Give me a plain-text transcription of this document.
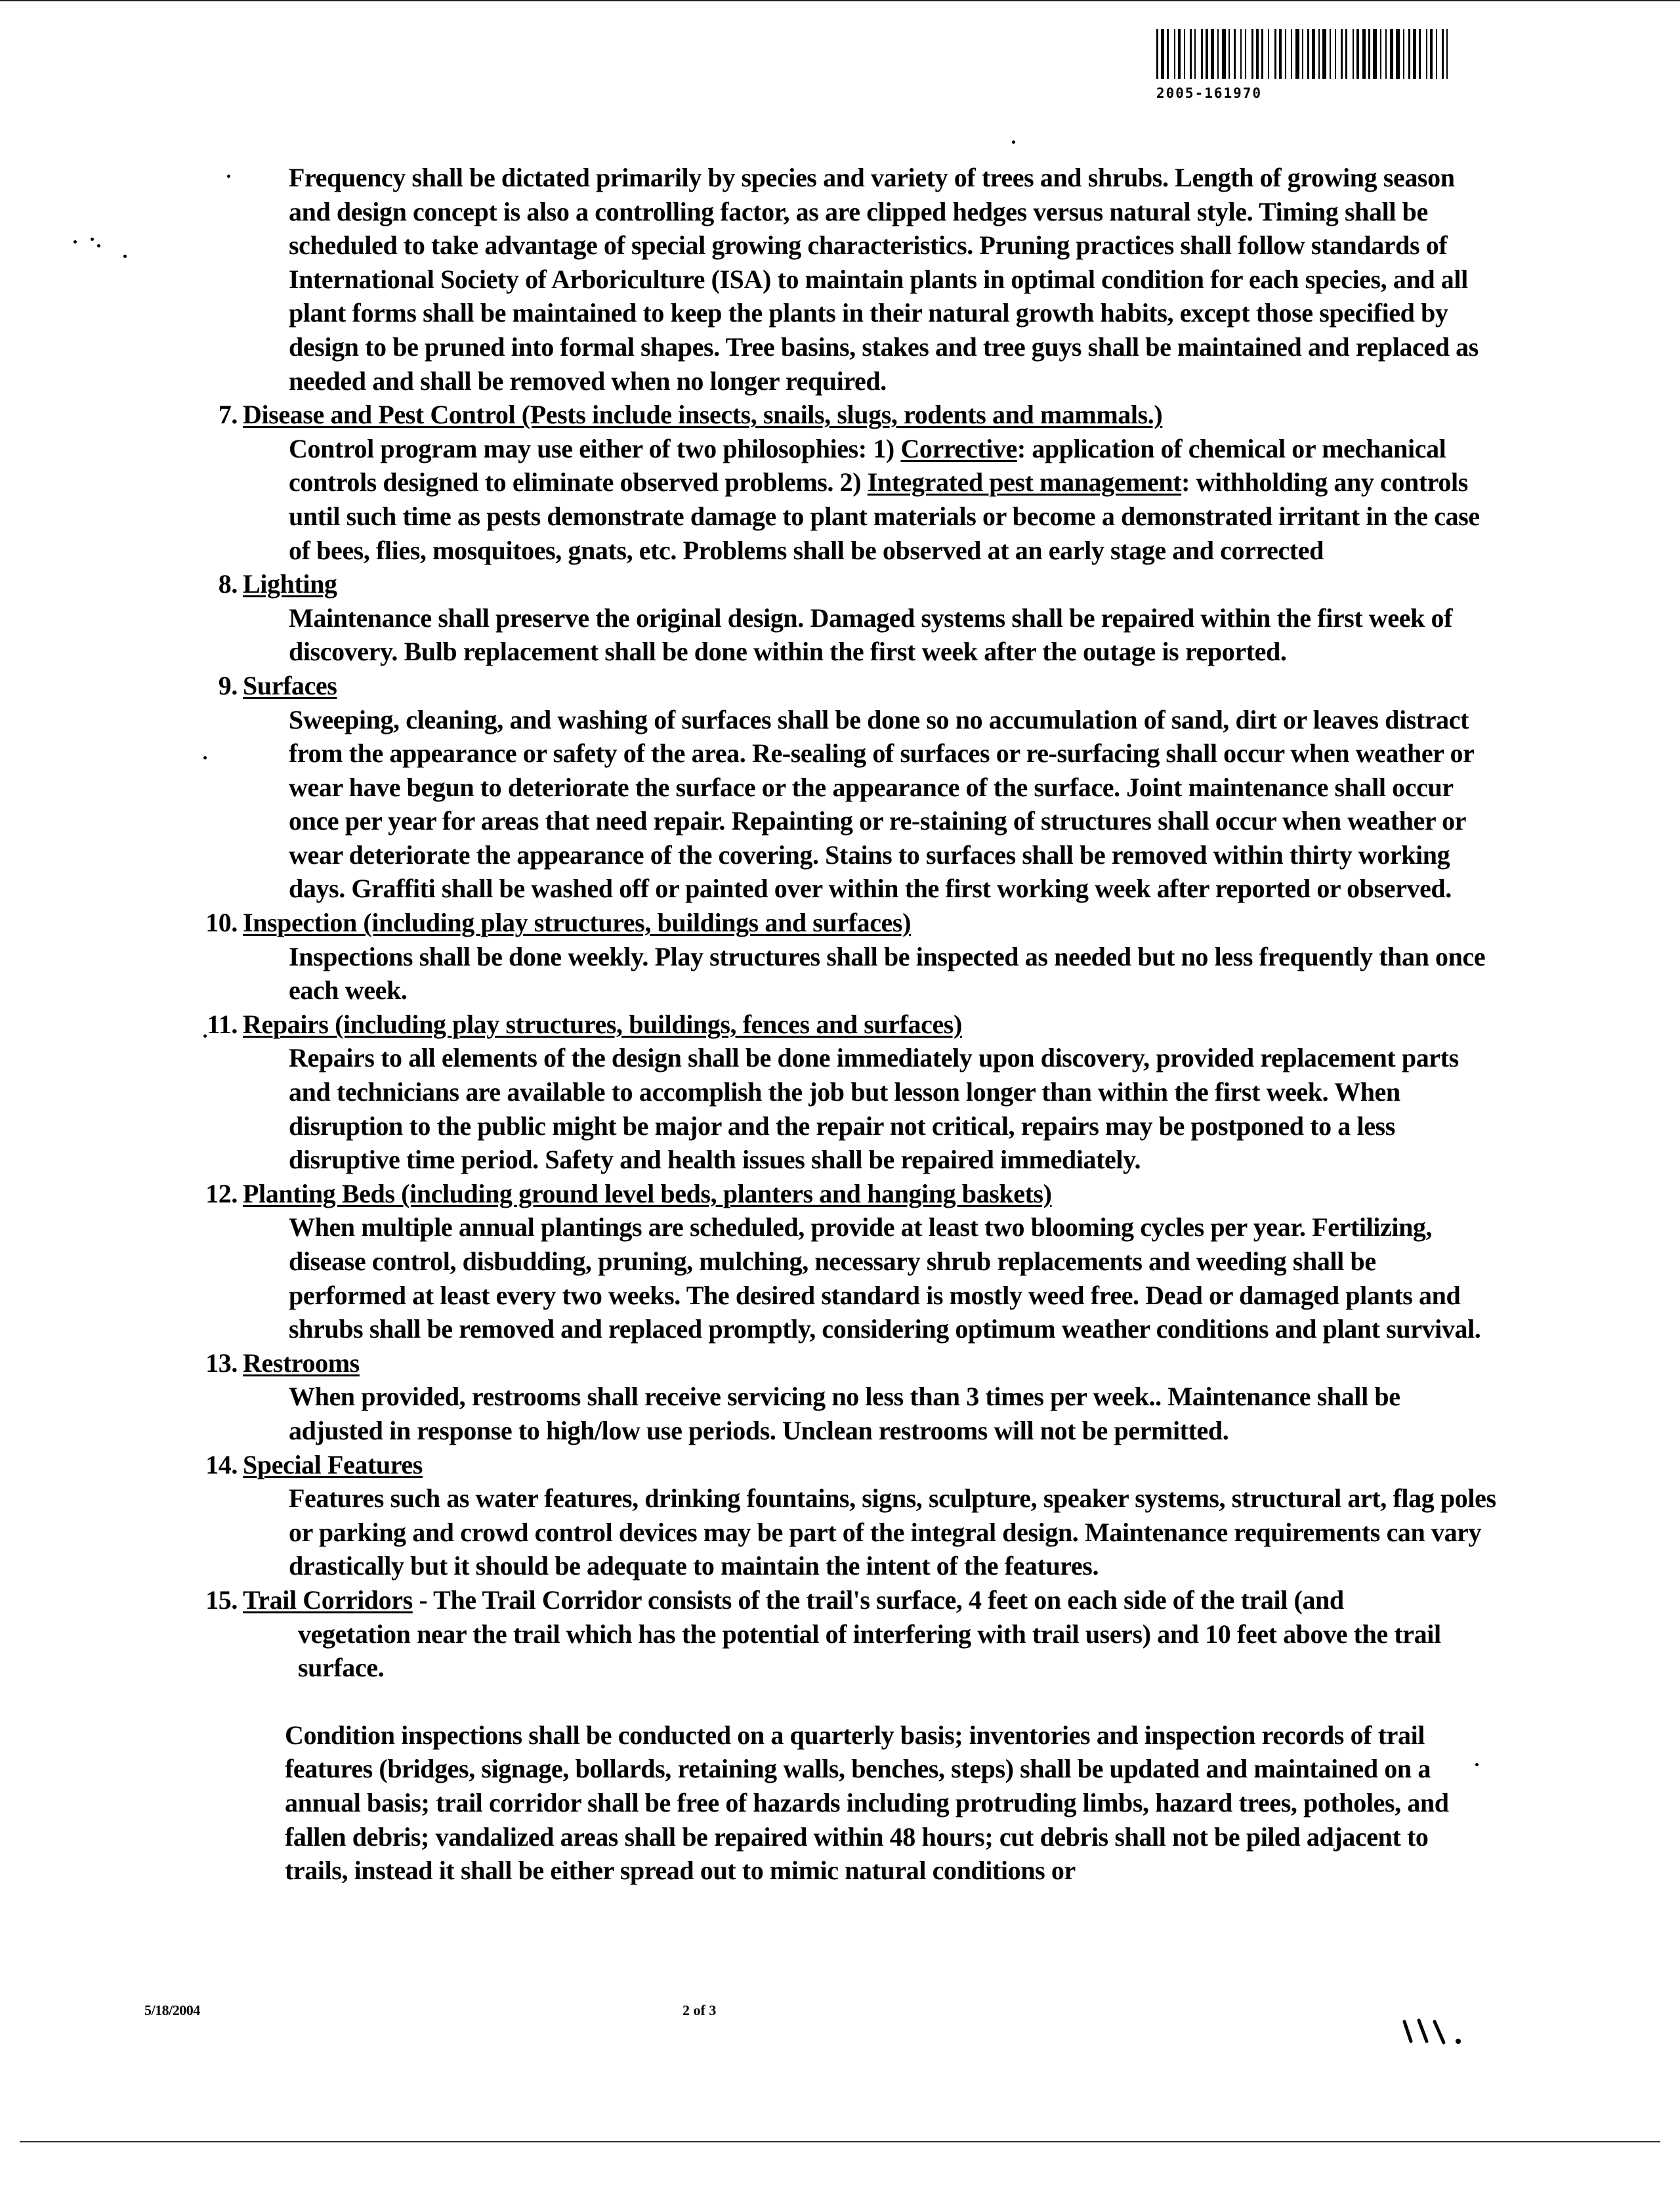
2005-161970
Frequency shall be dictated primarily by species and variety of trees and shrubs. Length of growing season and design concept is also a controlling factor, as are clipped hedges versus natural style. Timing shall be scheduled to take advantage of special growing characteristics. Pruning practices shall follow standards of International Society of Arboriculture (ISA) to maintain plants in optimal condition for each species, and all plant forms shall be maintained to keep the plants in their natural growth habits, except those specified by design to be pruned into formal shapes. Tree basins, stakes and tree guys shall be maintained and replaced as needed and shall be removed when no longer required.
7. Disease and Pest Control (Pests include insects, snails, slugs, rodents and mammals.)
Control program may use either of two philosophies: 1) Corrective: application of chemical or mechanical controls designed to eliminate observed problems. 2) Integrated pest management: withholding any controls until such time as pests demonstrate damage to plant materials or become a demonstrated irritant in the case of bees, flies, mosquitoes, gnats, etc. Problems shall be observed at an early stage and corrected
8. Lighting
Maintenance shall preserve the original design. Damaged systems shall be repaired within the first week of discovery. Bulb replacement shall be done within the first week after the outage is reported.
9. Surfaces
Sweeping, cleaning, and washing of surfaces shall be done so no accumulation of sand, dirt or leaves distract from the appearance or safety of the area. Re-sealing of surfaces or re-surfacing shall occur when weather or wear have begun to deteriorate the surface or the appearance of the surface. Joint maintenance shall occur once per year for areas that need repair. Repainting or re-staining of structures shall occur when weather or wear deteriorate the appearance of the covering. Stains to surfaces shall be removed within thirty working days. Graffiti shall be washed off or painted over within the first working week after reported or observed.
10. Inspection (including play structures, buildings and surfaces)
Inspections shall be done weekly. Play structures shall be inspected as needed but no less frequently than once each week.
11. Repairs (including play structures, buildings, fences and surfaces)
Repairs to all elements of the design shall be done immediately upon discovery, provided replacement parts and technicians are available to accomplish the job but lesson longer than within the first week. When disruption to the public might be major and the repair not critical, repairs may be postponed to a less disruptive time period. Safety and health issues shall be repaired immediately.
12. Planting Beds (including ground level beds, planters and hanging baskets)
When multiple annual plantings are scheduled, provide at least two blooming cycles per year. Fertilizing, disease control, disbudding, pruning, mulching, necessary shrub replacements and weeding shall be performed at least every two weeks. The desired standard is mostly weed free. Dead or damaged plants and shrubs shall be removed and replaced promptly, considering optimum weather conditions and plant survival.
13. Restrooms
When provided, restrooms shall receive servicing no less than 3 times per week.. Maintenance shall be adjusted in response to high/low use periods. Unclean restrooms will not be permitted.
14. Special Features
Features such as water features, drinking fountains, signs, sculpture, speaker systems, structural art, flag poles or parking and crowd control devices may be part of the integral design. Maintenance requirements can vary drastically but it should be adequate to maintain the intent of the features.
15. Trail Corridors - The Trail Corridor consists of the trail's surface, 4 feet on each side of the trail (and
vegetation near the trail which has the potential of interfering with trail users) and 10 feet above the trail surface.
Condition inspections shall be conducted on a quarterly basis; inventories and inspection records of trail features (bridges, signage, bollards, retaining walls, benches, steps) shall be updated and maintained on a annual basis; trail corridor shall be free of hazards including protruding limbs, hazard trees, potholes, and fallen debris; vandalized areas shall be repaired within 48 hours; cut debris shall not be piled adjacent to trails, instead it shall be either spread out to mimic natural conditions or
5/18/2004	2 of 3
